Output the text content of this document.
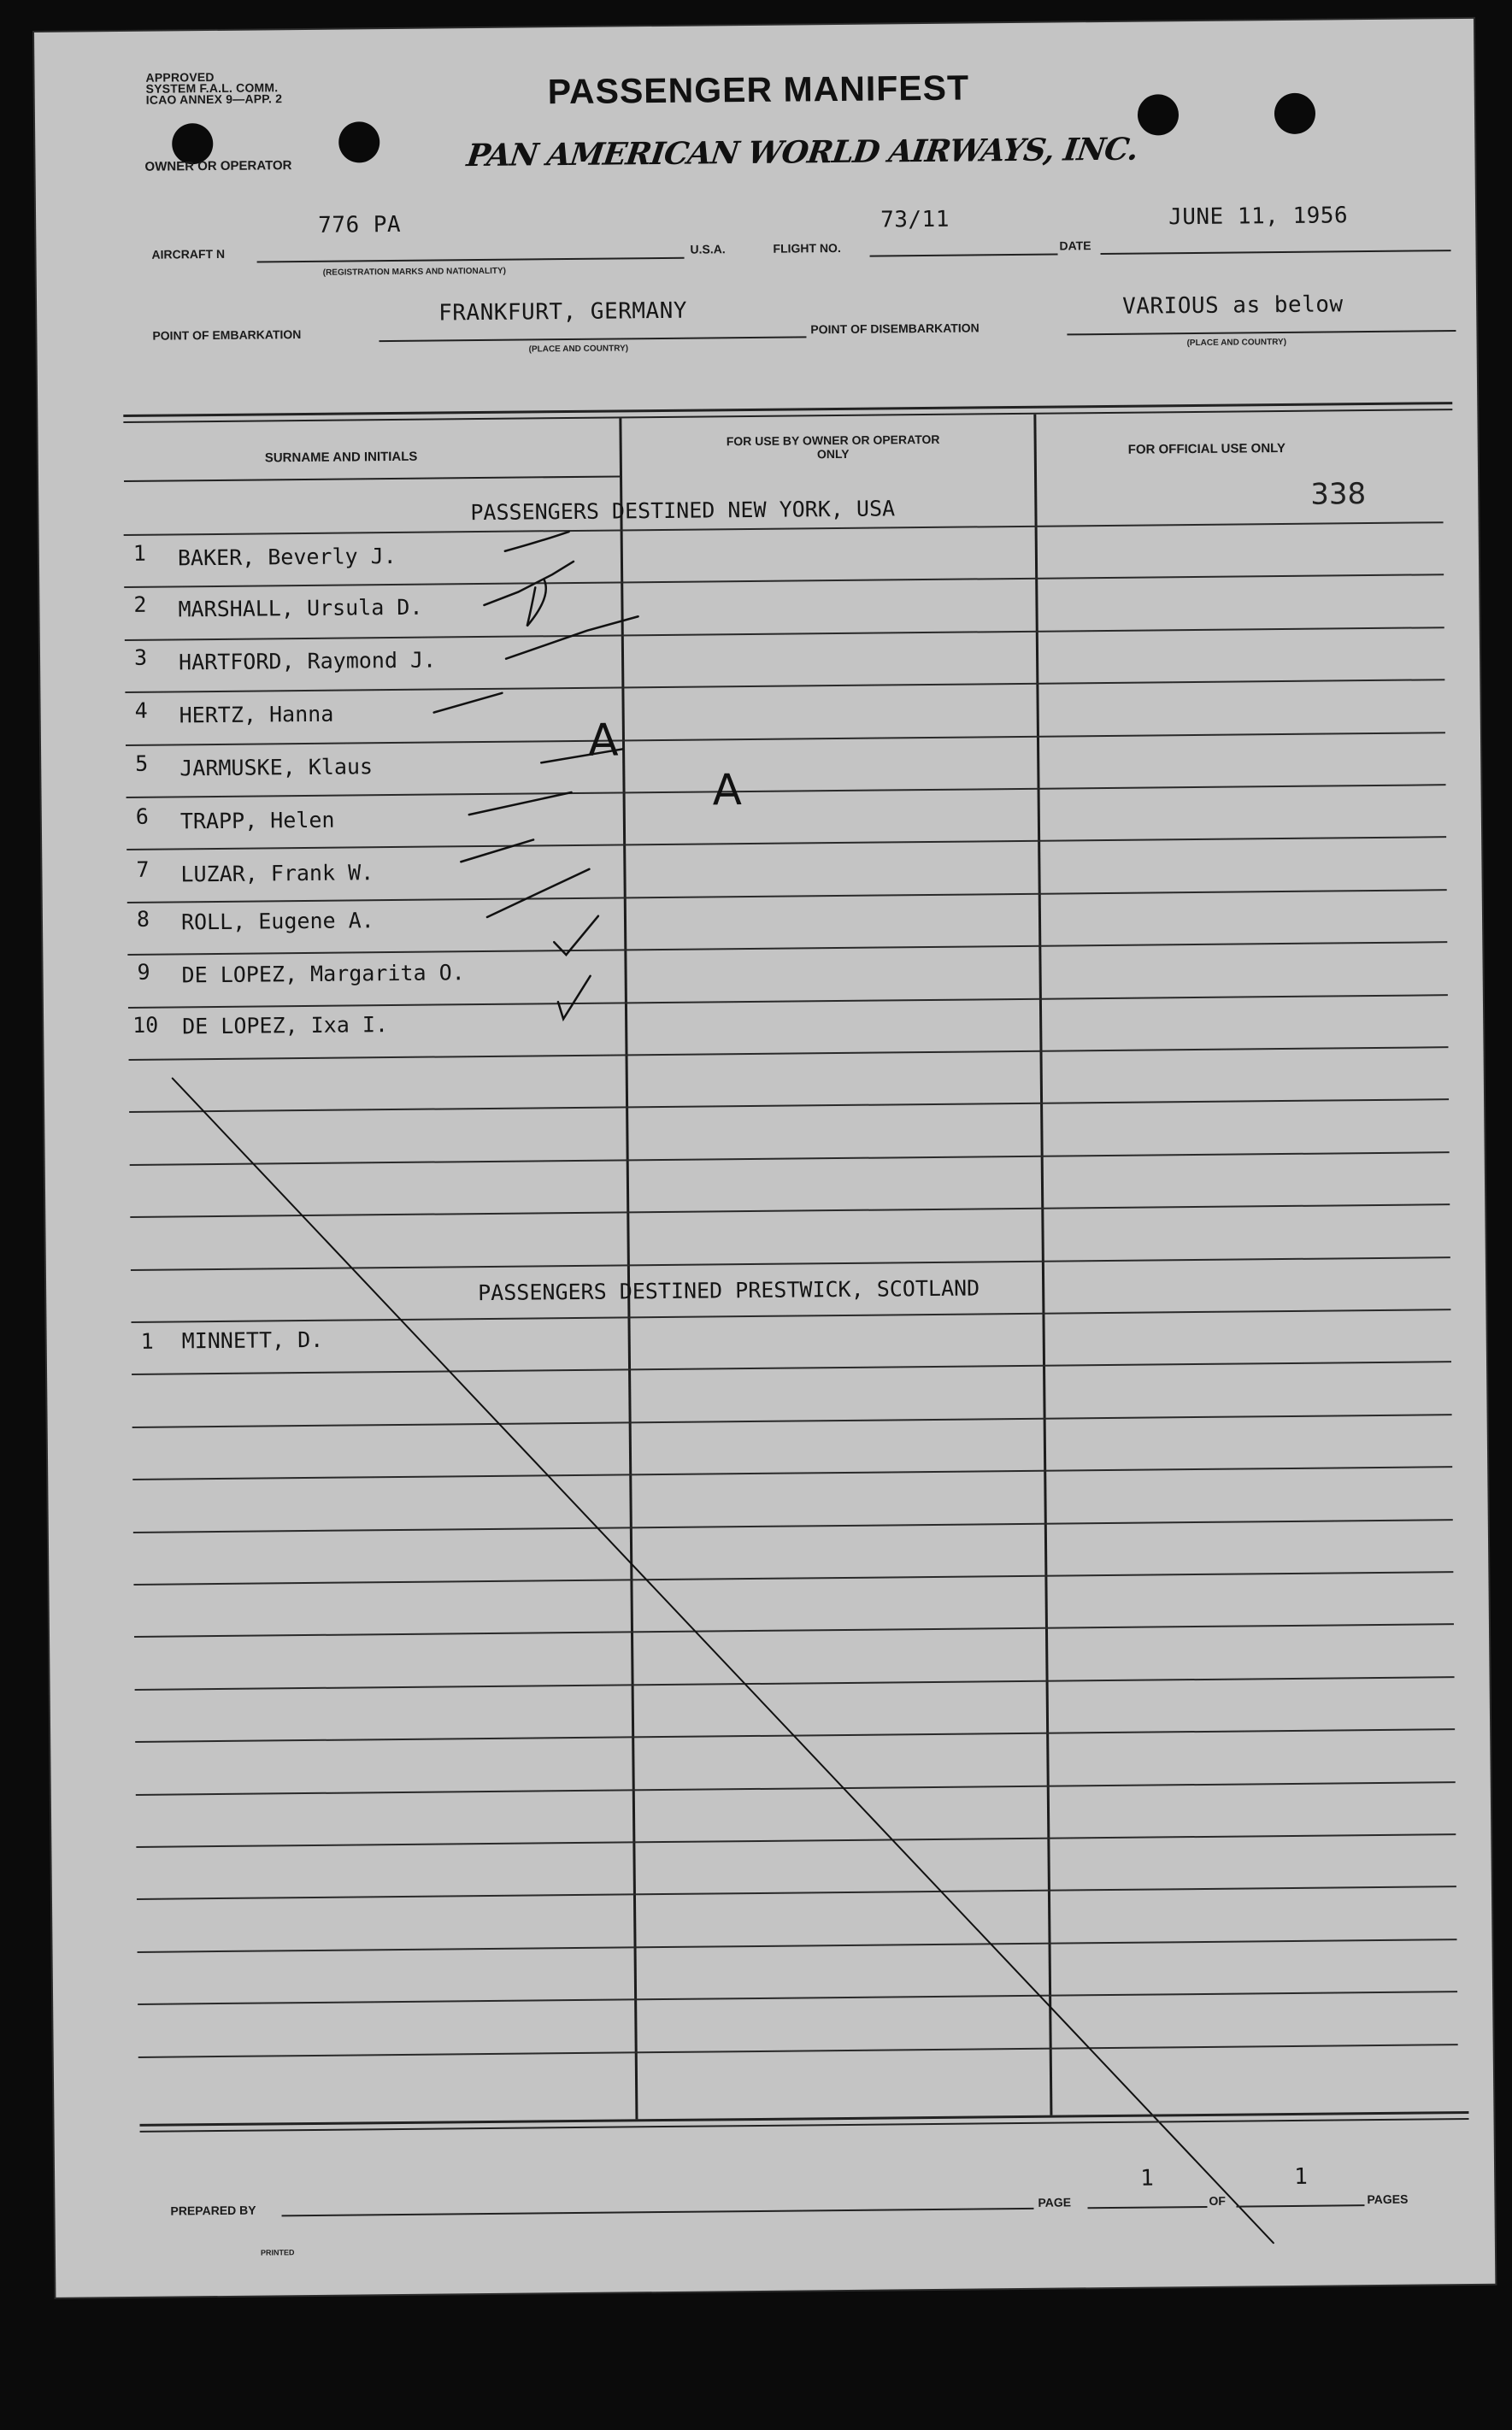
APPROVED
SYSTEM F.A.L. COMM.
ICAO ANNEX 9—APP. 2	PASSENGER MANIFEST
OWNER OR OPERATOR	PAN AMERICAN WORLD AIRWAYS, INC.
AIRCRAFT N
776 PA
(REGISTRATION MARKS AND NATIONALITY)
U.S.A.	FLIGHT NO.
73/11
DATE
JUNE 11, 1956
POINT OF EMBARKATION
FRANKFURT, GERMANY
(PLACE AND COUNTRY)
POINT OF DISEMBARKATION
VARIOUS as below
(PLACE AND COUNTRY)
SURNAME AND INITIALS
FOR USE BY OWNER OR OPERATOR ONLY	FOR OFFICIAL USE ONLY
338
PASSENGERS DESTINED NEW YORK, USA
1 BAKER, Beverly J.
2 MARSHALL, Ursula D.
3 HARTFORD, Raymond J.
4 HERTZ, Hanna
5 JARMUSKE, Klaus
6 TRAPP, Helen
7 LUZAR, Frank W.
8 ROLL, Eugene A.
9 DE LOPEZ, Margarita O.
10 DE LOPEZ, Ixa I.
PASSENGERS DESTINED PRESTWICK, SCOTLAND
1 MINNETT, D.
A
A
PREPARED BY
PAGE
1
OF
1
PAGES
PRINTED
